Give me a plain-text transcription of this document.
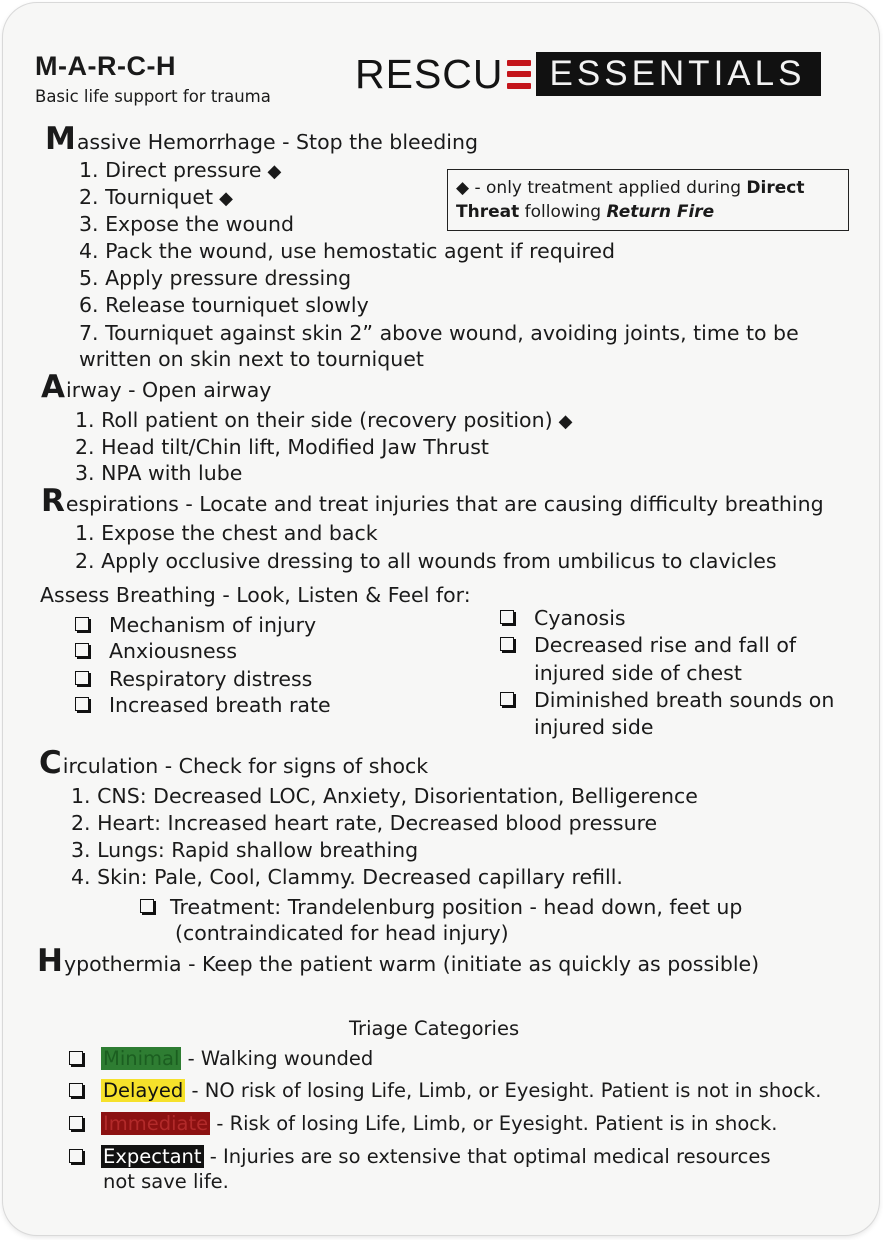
M-A-R-C-H
Basic life support for trauma RESCU	ESSENTIALS
Massive Hemorrhage - Stop the bleeding
1. Direct pressure ◆
2. Tourniquet ◆
3. Expose the wound
4. Pack the wound, use hemostatic agent if required
5. Apply pressure dressing
6. Release tourniquet slowly
7. Tourniquet against skin 2” above wound, avoiding joints, time to be
written on skin next to tourniquet
◆ - only treatment applied during Direct Threat following Return Fire
Airway - Open airway
1. Roll patient on their side (recovery position) ◆
2. Head tilt/Chin lift, Modified Jaw Thrust
3. NPA with lube
Respirations - Locate and treat injuries that are causing difficulty breathing
1. Expose the chest and back
2. Apply occlusive dressing to all wounds from umbilicus to clavicles
Assess Breathing - Look, Listen & Feel for:
Mechanism of injury
Anxiousness
Respiratory distress
Increased breath rate
Cyanosis
Decreased rise and fall of
injured side of chest
Diminished breath sounds on
injured side
Circulation - Check for signs of shock
1. CNS: Decreased LOC, Anxiety, Disorientation, Belligerence
2. Heart: Increased heart rate, Decreased blood pressure
3. Lungs: Rapid shallow breathing
4. Skin: Pale, Cool, Clammy. Decreased capillary refill.
Treatment: Trandelenburg position - head down, feet up
(contraindicated for head injury)
Hypothermia - Keep the patient warm (initiate as quickly as possible)
Triage Categories
Minimal - Walking wounded
Delayed - NO risk of losing Life, Limb, or Eyesight. Patient is not in shock.
Immediate - Risk of losing Life, Limb, or Eyesight. Patient is in shock.
Expectant - Injuries are so extensive that optimal medical resources
not save life.
